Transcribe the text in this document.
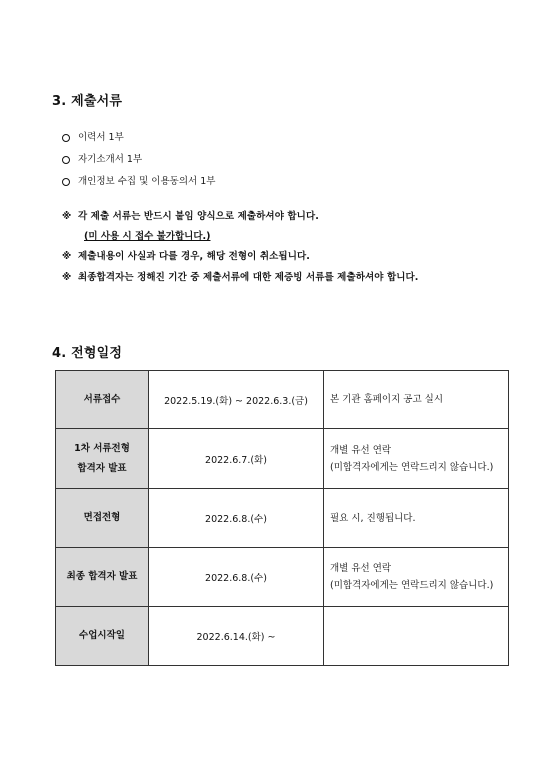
3. 제출서류
이력서 1부
자기소개서 1부
개인정보 수집 및 이용동의서 1부
※ 각 제출 서류는 반드시 붙임 양식으로 제출하셔야 합니다.
(미 사용 시 접수 불가합니다.)
※ 제출내용이 사실과 다를 경우, 해당 전형이 취소됩니다.
※ 최종합격자는 정해진 기간 중 제출서류에 대한 제증빙 서류를 제출하셔야 합니다.
4. 전형일정
서류접수	2022.5.19.(화) ~ 2022.6.3.(금)	본 기관 홈페이지 공고 실시

1차 서류전형
합격자 발표	2022.6.7.(화)	개별 유선 연락
(미합격자에게는 연락드리지 않습니다.)

면접전형	2022.6.8.(수)	필요 시, 진행됩니다.

최종 합격자 발표	2022.6.8.(수)	개별 유선 연락
(미합격자에게는 연락드리지 않습니다.)

수업시작일	2022.6.14.(화) ~	
